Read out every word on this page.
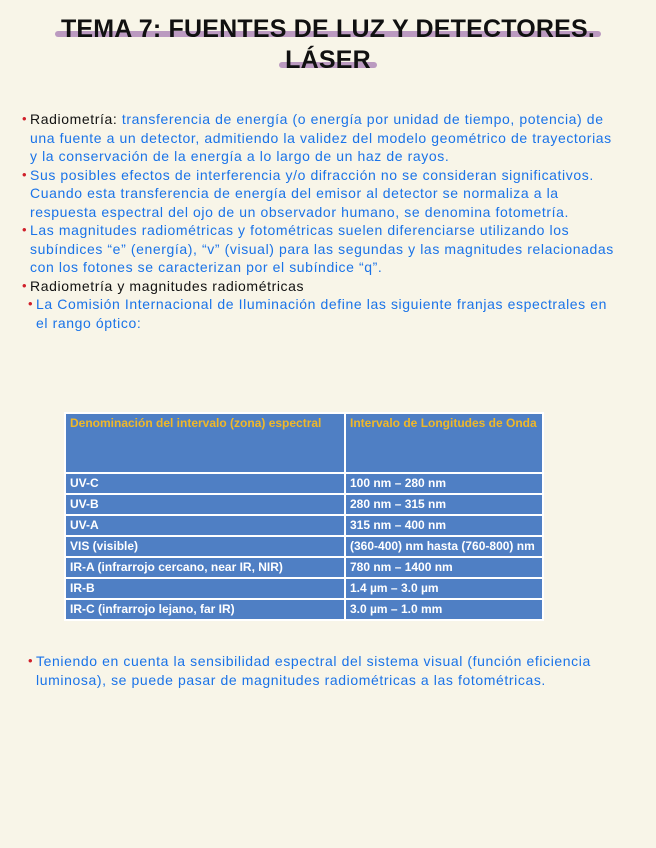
TEMA 7: FUENTES DE LUZ Y DETECTORES.
LÁSER
• Radiometría: transferencia de energía (o energía por unidad de tiempo, potencia) de una fuente a un detector, admitiendo la validez del modelo geométrico de trayectorias y la conservación de la energía a lo largo de un haz de rayos.
• Sus posibles efectos de interferencia y/o difracción no se consideran significativos. Cuando esta transferencia de energía del emisor al detector se normaliza a la respuesta espectral del ojo de un observador humano, se denomina fotometría.
• Las magnitudes radiométricas y fotométricas suelen diferenciarse utilizando los subíndices “e” (energía), “v” (visual) para las segundas y las magnitudes relacionadas con los fotones se caracterizan por el subíndice “q”.
• Radiometría y magnitudes radiométricas
• La Comisión Internacional de Iluminación define las siguiente franjas espectrales en el rango óptico:
Denominación del intervalo (zona) espectral	Intervalo de Longitudes de Onda
UV-C	100 nm – 280 nm
UV-B	280 nm – 315 nm
UV-A	315 nm – 400 nm
VIS (visible)	(360-400) nm hasta (760-800) nm
IR-A (infrarrojo cercano, near IR, NIR)	780 nm – 1400 nm
IR-B	1.4 µm – 3.0 µm
IR-C (infrarrojo lejano, far IR)	3.0 µm – 1.0 mm
• Teniendo en cuenta la sensibilidad espectral del sistema visual (función eficiencia luminosa), se puede pasar de magnitudes radiométricas a las fotométricas.
